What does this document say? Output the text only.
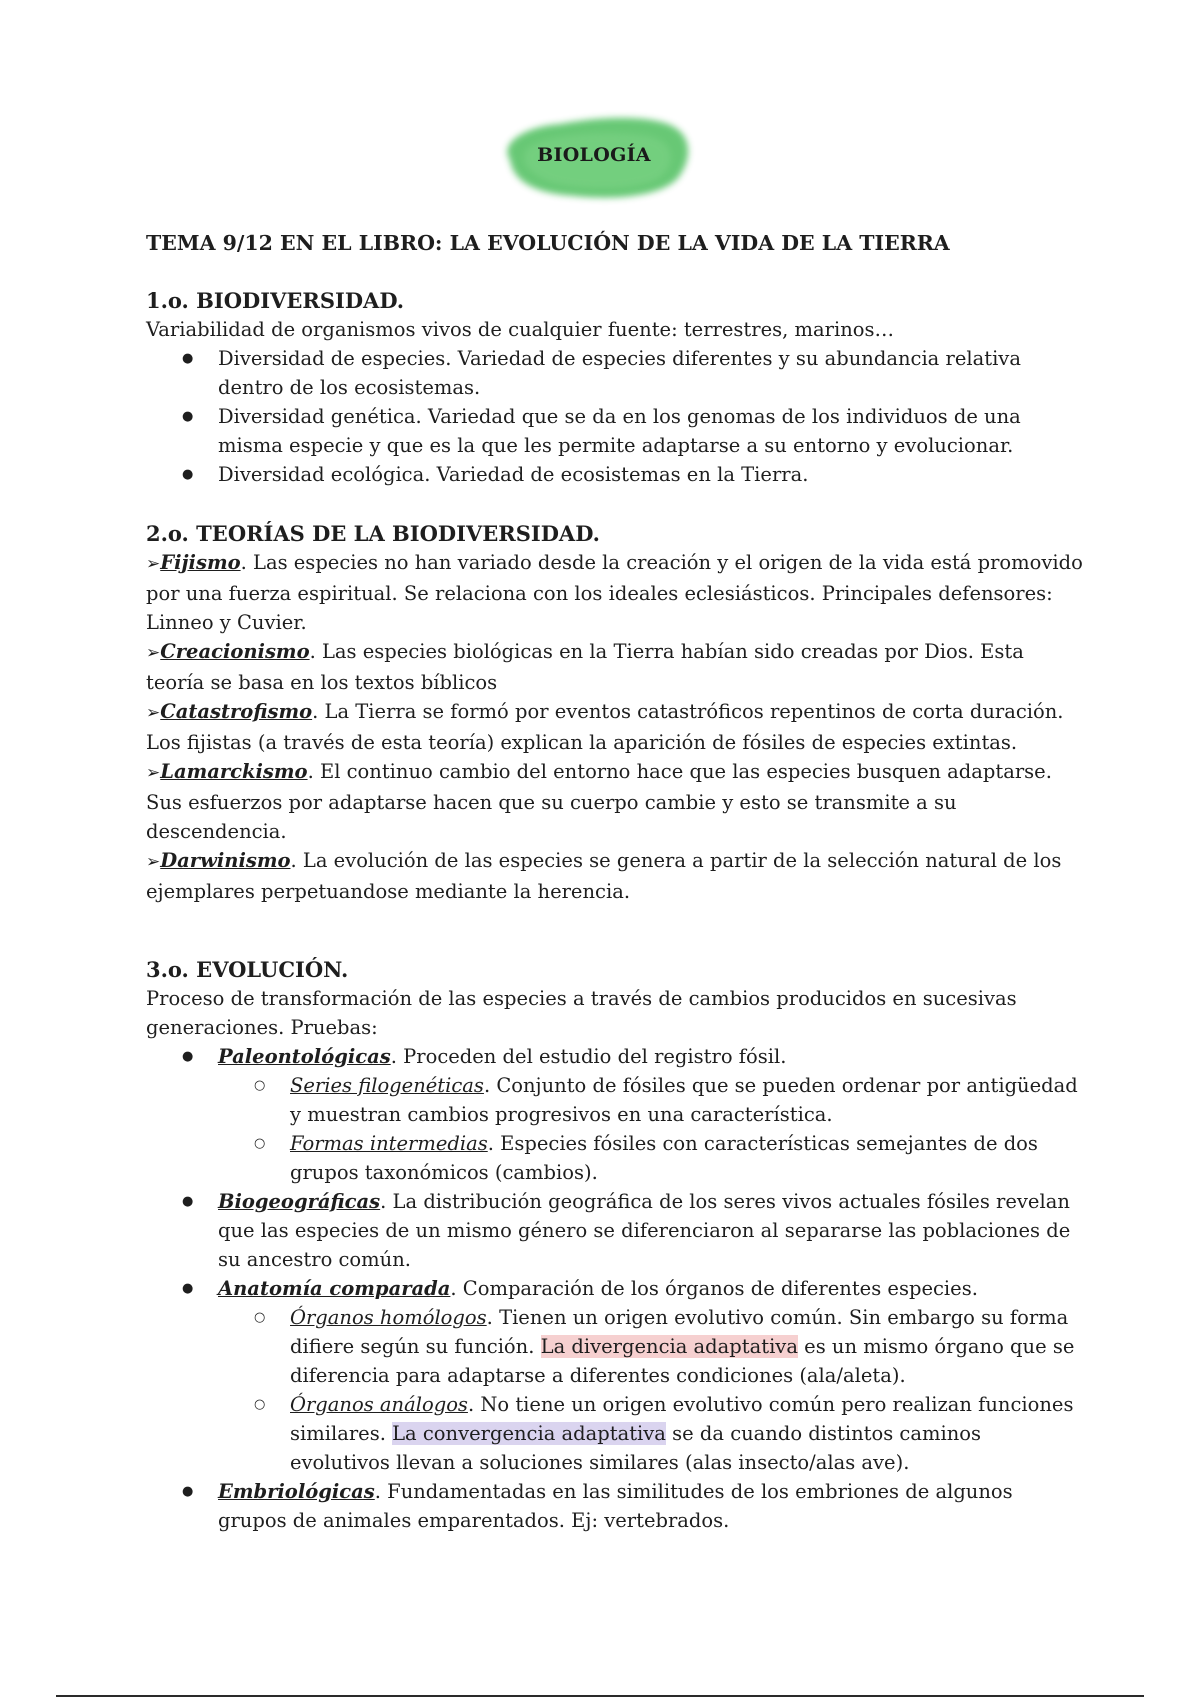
BIOLOGÍA
TEMA 9/12 EN EL LIBRO: LA EVOLUCIÓN DE LA VIDA DE LA TIERRA

1.o. BIODIVERSIDAD.

Variabilidad de organismos vivos de cualquier fuente: terrestres, marinos…

● Diversidad de especies. Variedad de especies diferentes y su abundancia relativa dentro de los ecosistemas.
● Diversidad genética. Variedad que se da en los genomas de los individuos de una misma especie y que es la que les permite adaptarse a su entorno y evolucionar.
● Diversidad ecológica. Variedad de ecosistemas en la Tierra.

2.o. TEORÍAS DE LA BIODIVERSIDAD.

➢Fijismo. Las especies no han variado desde la creación y el origen de la vida está promovido por una fuerza espiritual. Se relaciona con los ideales eclesiásticos. Principales defensores: Linneo y Cuvier.

➢Creacionismo. Las especies biológicas en la Tierra habían sido creadas por Dios. Esta teoría se basa en los textos bíblicos

➢Catastrofismo. La Tierra se formó por eventos catastróficos repentinos de corta duración. Los fijistas (a través de esta teoría) explican la aparición de fósiles de especies extintas.

➢Lamarckismo. El continuo cambio del entorno hace que las especies busquen adaptarse. Sus esfuerzos por adaptarse hacen que su cuerpo cambie y esto se transmite a su descendencia.

➢Darwinismo. La evolución de las especies se genera a partir de la selección natural de los ejemplares perpetuandose mediante la herencia.

3.o. EVOLUCIÓN.

Proceso de transformación de las especies a través de cambios producidos en sucesivas generaciones. Pruebas:

● Paleontológicas. Proceden del estudio del registro fósil.
○ Series filogenéticas. Conjunto de fósiles que se pueden ordenar por antigüedad y muestran cambios progresivos en una característica.
○ Formas intermedias. Especies fósiles con características semejantes de dos grupos taxonómicos (cambios).
● Biogeográficas. La distribución geográfica de los seres vivos actuales fósiles revelan que las especies de un mismo género se diferenciaron al separarse las poblaciones de su ancestro común.
● Anatomía comparada. Comparación de los órganos de diferentes especies.
○ Órganos homólogos. Tienen un origen evolutivo común. Sin embargo su forma difiere según su función. La divergencia adaptativa es un mismo órgano que se diferencia para adaptarse a diferentes condiciones (ala/aleta).
○ Órganos análogos. No tiene un origen evolutivo común pero realizan funciones similares. La convergencia adaptativa se da cuando distintos caminos evolutivos llevan a soluciones similares (alas insecto/alas ave).
● Embriológicas. Fundamentadas en las similitudes de los embriones de algunos grupos de animales emparentados. Ej: vertebrados.
